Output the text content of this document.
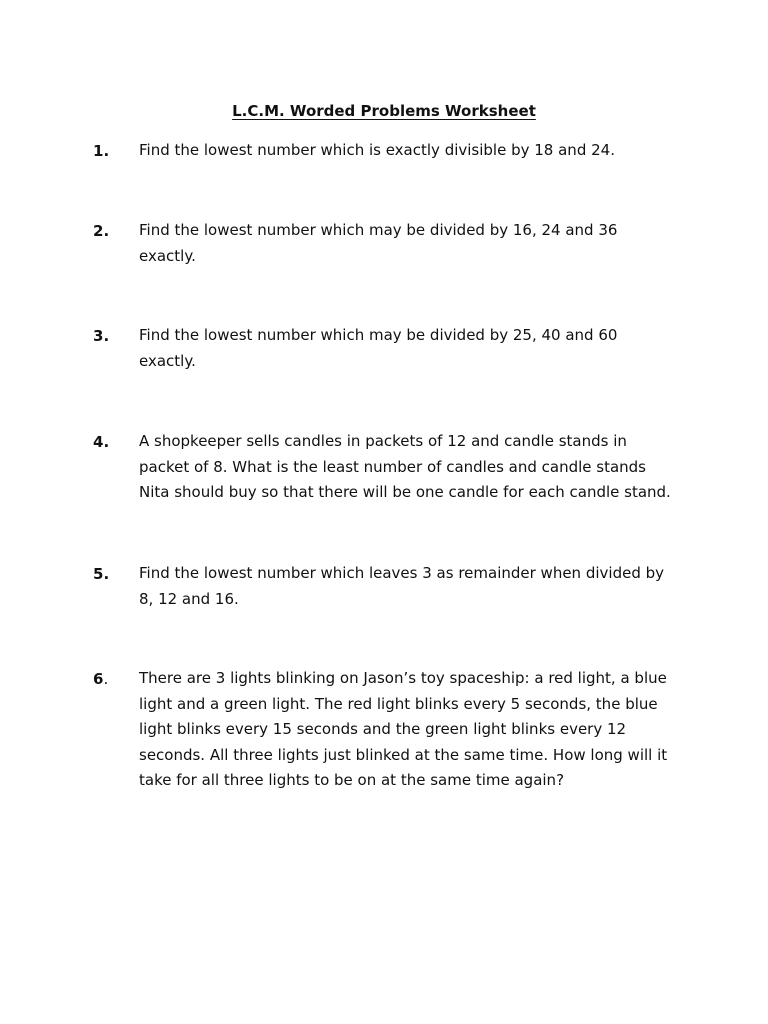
L.C.M. Worded Problems Worksheet
1. Find the lowest number which is exactly divisible by 18 and 24.
2. Find the lowest number which may be divided by 16, 24 and 36
exactly.
3. Find the lowest number which may be divided by 25, 40 and 60
exactly.
4. A shopkeeper sells candles in packets of 12 and candle stands in
packet of 8. What is the least number of candles and candle stands
Nita should buy so that there will be one candle for each candle stand.
5. Find the lowest number which leaves 3 as remainder when divided by
8, 12 and 16.
6. There are 3 lights blinking on Jason’s toy spaceship: a red light, a blue
light and a green light. The red light blinks every 5 seconds, the blue
light blinks every 15 seconds and the green light blinks every 12
seconds. All three lights just blinked at the same time. How long will it
take for all three lights to be on at the same time again?
